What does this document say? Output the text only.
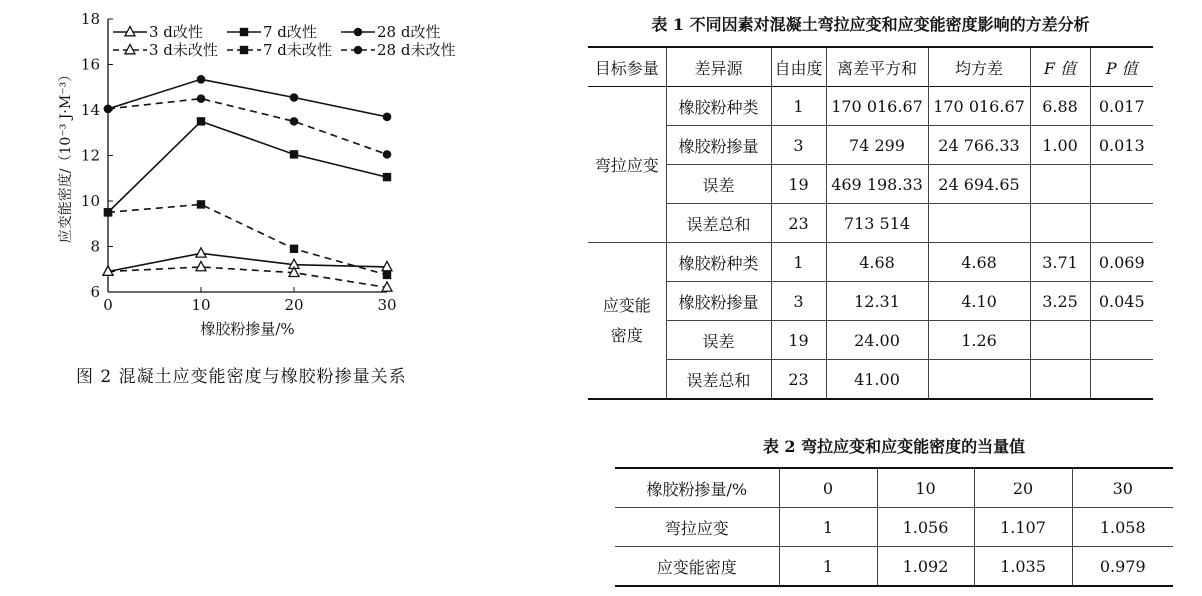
6
8
10
12
14
16
18
0	10	20	30
橡胶粉掺量/%
应变能密度/（10⁻³ J·M⁻³）
3 d改性	7 d改性	28 d改性
3 d未改性	7 d未改性	28 d未改性
图 2 混凝土应变能密度与橡胶粉掺量关系
表 1 不同因素对混凝土弯拉应变和应变能密度影响的方差分析
目标参量	差异源	自由度	离差平方和	均方差	F 值	P 值
弯拉应变	橡胶粉种类	1	170 016.67	170 016.67	6.88	0.017
	橡胶粉掺量	3	74 299	24 766.33	1.00	0.013
	误差	19	469 198.33	24 694.65		
	误差总和	23	713 514			
应变能密度	橡胶粉种类	1	4.68	4.68	3.71	0.069
	橡胶粉掺量	3	12.31	4.10	3.25	0.045
	误差	19	24.00	1.26		
	误差总和	23	41.00			
表 2 弯拉应变和应变能密度的当量值
橡胶粉掺量/%	0	10	20	30
弯拉应变	1	1.056	1.107	1.058
应变能密度	1	1.092	1.035	0.979
